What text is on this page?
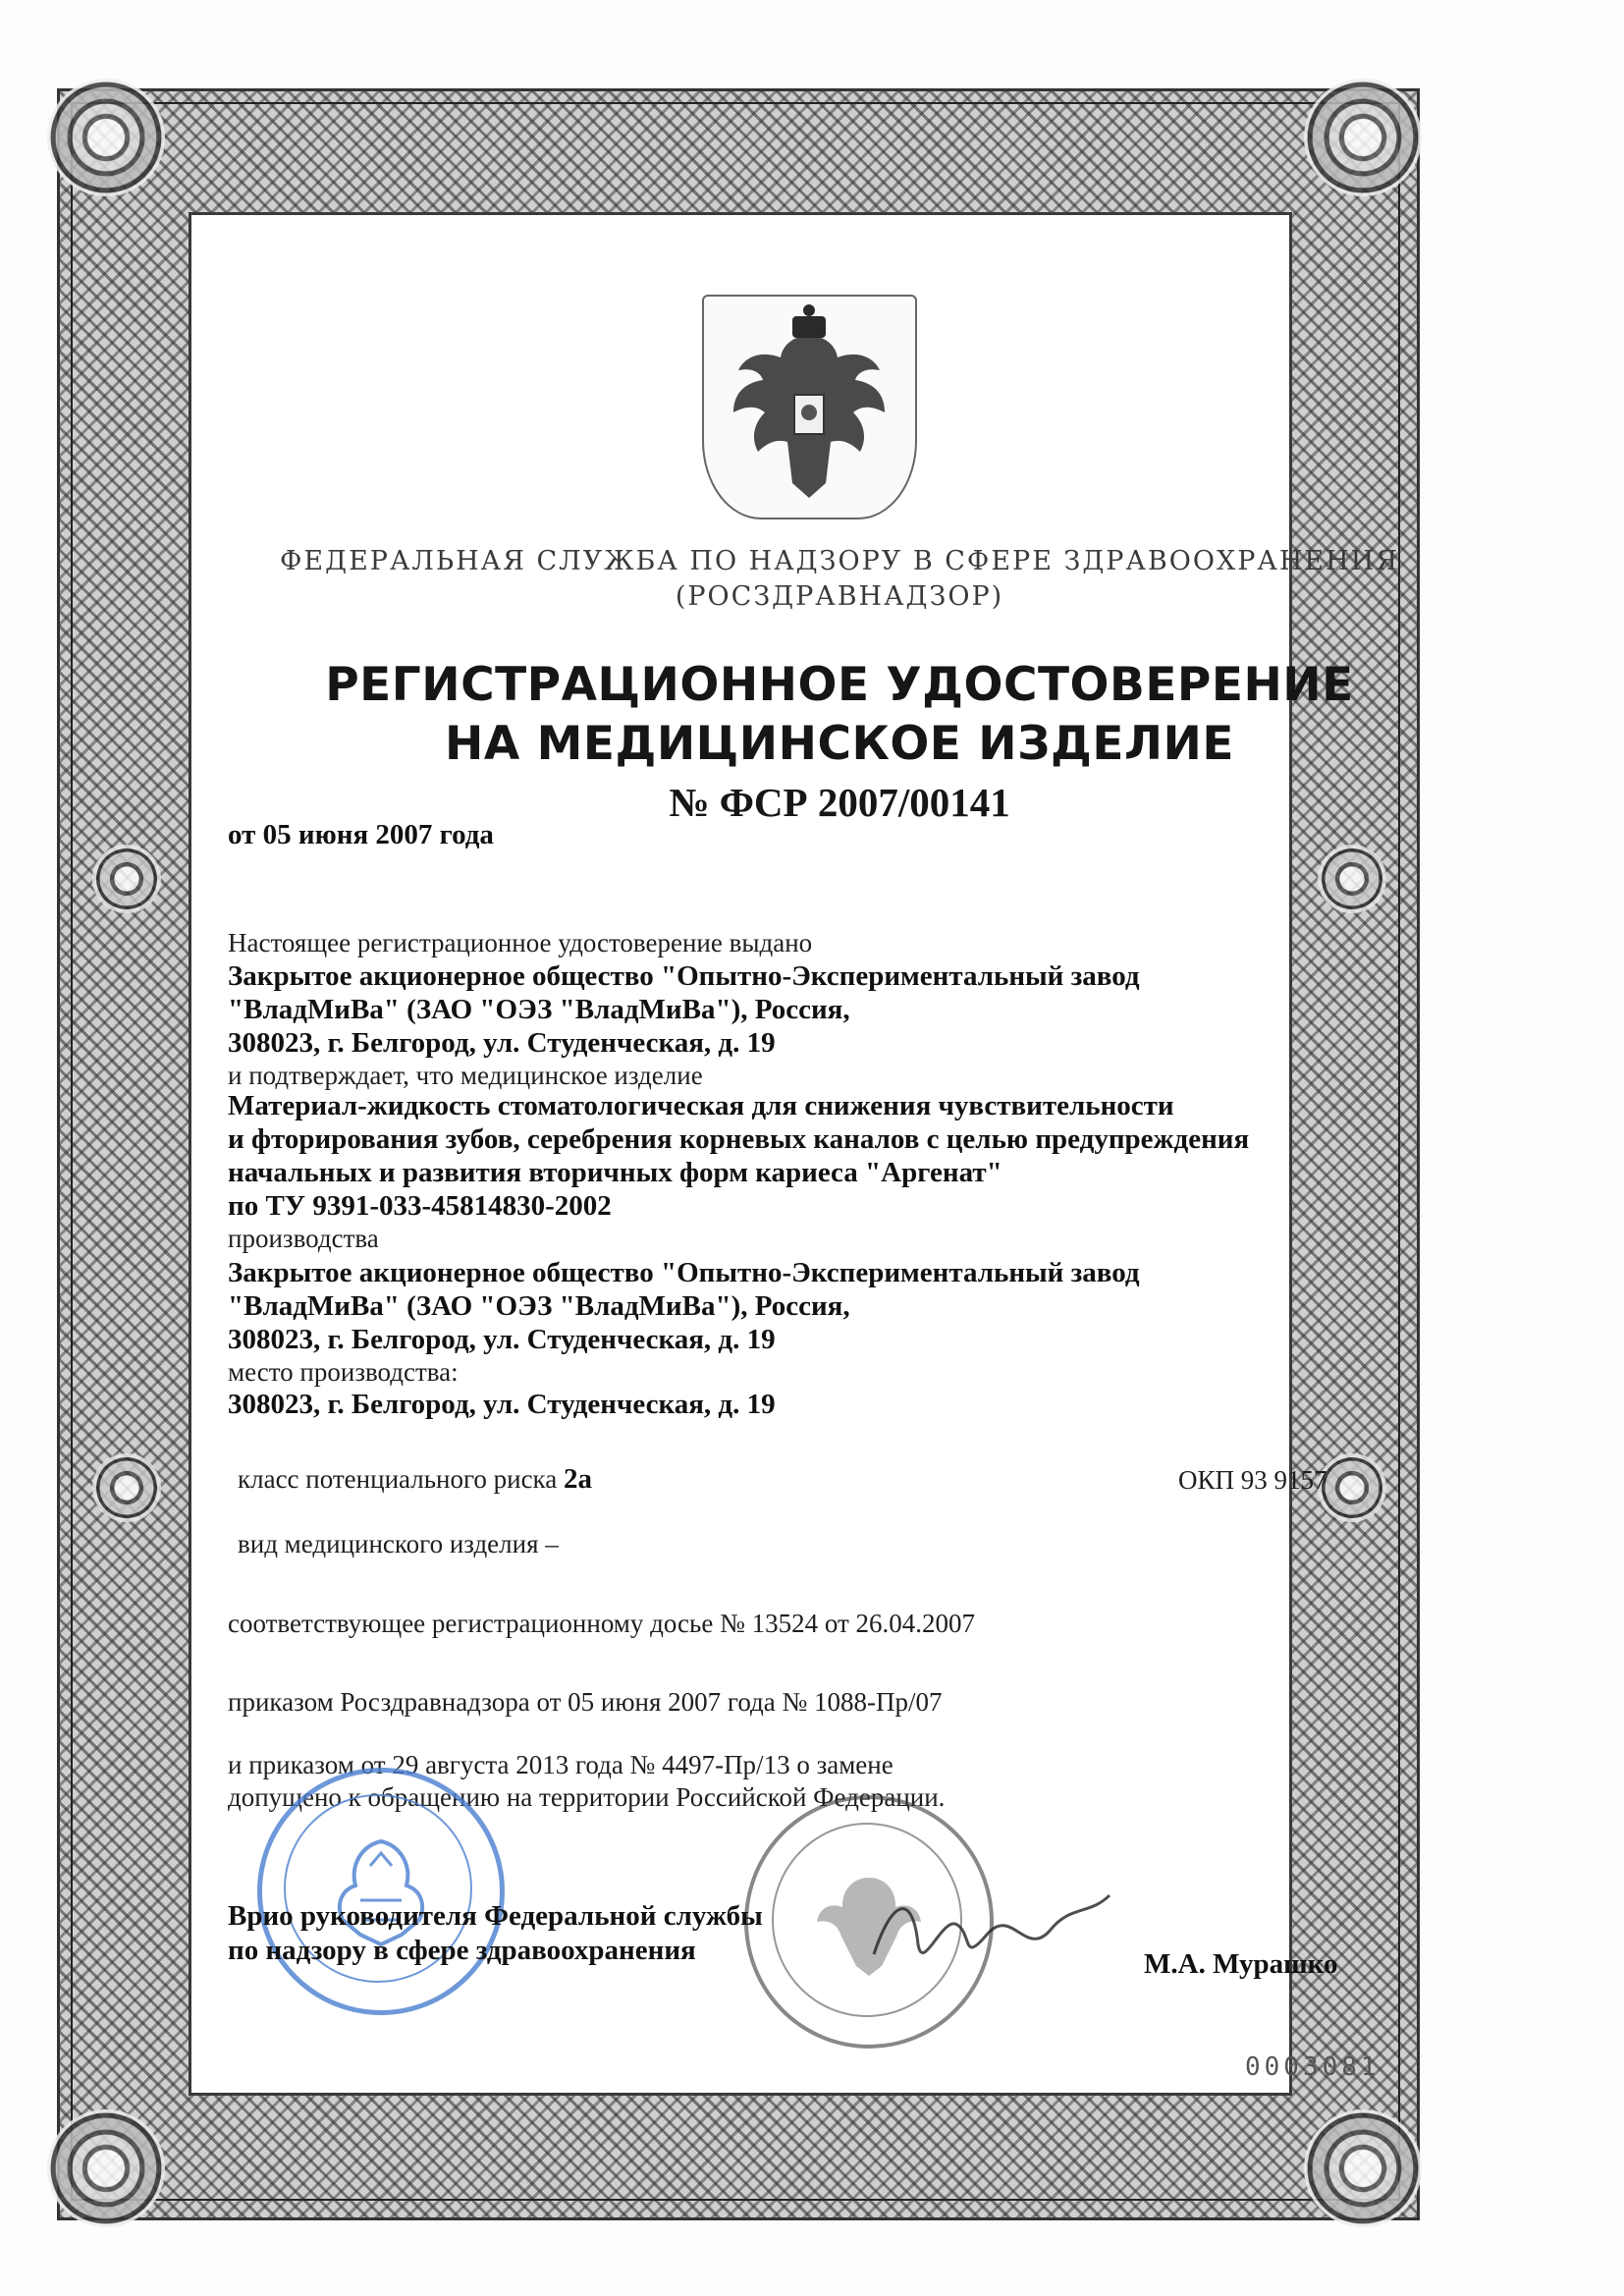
ФЕДЕРАЛЬНАЯ СЛУЖБА ПО НАДЗОРУ В СФЕРЕ ЗДРАВООХРАНЕНИЯ
(РОСЗДРАВНАДЗОР)
РЕГИСТРАЦИОННОЕ УДОСТОВЕРЕНИЕ
НА МЕДИЦИНСКОЕ ИЗДЕЛИЕ
№ ФСР 2007/00141
от 05 июня 2007 года
Настоящее регистрационное удостоверение выдано
Закрытое акционерное общество "Опытно-Экспериментальный завод
"ВладМиВа" (ЗАО "ОЭЗ "ВладМиВа"), Россия,
308023, г. Белгород, ул. Студенческая, д. 19
и подтверждает, что медицинское изделие
Материал-жидкость стоматологическая для снижения чувствительности
и фторирования зубов, серебрения корневых каналов с целью предупреждения
начальных и развития вторичных форм кариеса "Аргенат"
по ТУ 9391-033-45814830-2002
производства
Закрытое акционерное общество "Опытно-Экспериментальный завод
"ВладМиВа" (ЗАО "ОЭЗ "ВладМиВа"), Россия,
308023, г. Белгород, ул. Студенческая, д. 19
место производства:
308023, г. Белгород, ул. Студенческая, д. 19
класс потенциального риска 2а	ОКП 93 9157
вид медицинского изделия –
соответствующее регистрационному досье № 13524 от 26.04.2007
приказом Росздравнадзора от 05 июня 2007 года № 1088-Пр/07
и приказом от 29 августа 2013 года № 4497-Пр/13 о замене
допущено к обращению на территории Российской Федерации.
Врио руководителя Федеральной службы
по надзору в сфере здравоохранения	М.А. Мурашко
0003081
